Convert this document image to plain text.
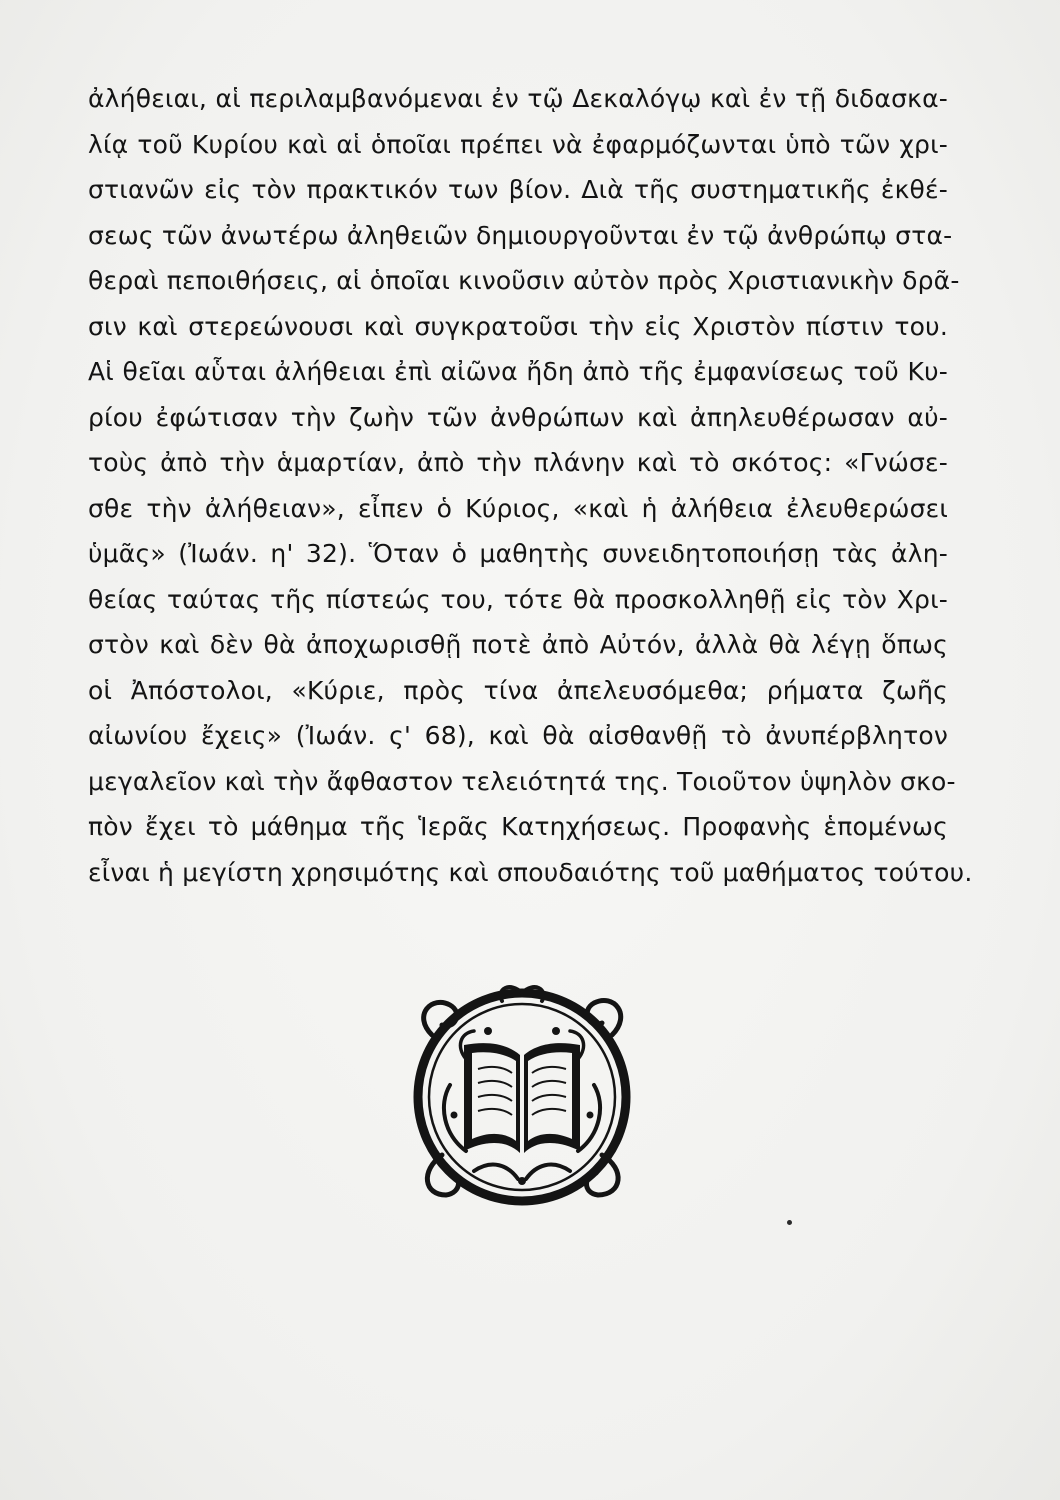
ἀλήθειαι, αἱ περιλαμβανόμεναι ἐν τῷ Δεκαλόγῳ καὶ ἐν τῇ διδασκα-
λίᾳ τοῦ Κυρίου καὶ αἱ ὁποῖαι πρέπει νὰ ἐφαρμόζωνται ὑπὸ τῶν χρι-
στιανῶν εἰς τὸν πρακτικόν των βίον. Διὰ τῆς συστηματικῆς ἐκθέ-
σεως τῶν ἀνωτέρω ἀληθειῶν δημιουργοῦνται ἐν τῷ ἀνθρώπῳ στα-
θεραὶ πεποιθήσεις, αἱ ὁποῖαι κινοῦσιν αὐτὸν πρὸς Χριστιανικὴν δρᾶ-
σιν καὶ στερεώνουσι καὶ συγκρατοῦσι τὴν εἰς Χριστὸν πίστιν του.
Αἱ θεῖαι αὗται ἀλήθειαι ἐπὶ αἰῶνα ἤδη ἀπὸ τῆς ἐμφανίσεως τοῦ Κυ-
ρίου ἐφώτισαν τὴν ζωὴν τῶν ἀνθρώπων καὶ ἀπηλευθέρωσαν αὐ-
τοὺς ἀπὸ τὴν ἁμαρτίαν, ἀπὸ τὴν πλάνην καὶ τὸ σκότος: «Γνώσε-
σθε τὴν ἀλήθειαν», εἶπεν ὁ Κύριος, «καὶ ἡ ἀλήθεια ἐλευθερώσει
ὑμᾶς» (Ἰωάν. η' 32). Ὅταν ὁ μαθητὴς συνειδητοποιήσῃ τὰς ἀλη-
θείας ταύτας τῆς πίστεώς του, τότε θὰ προσκολληθῇ εἰς τὸν Χρι-
στὸν καὶ δὲν θὰ ἀποχωρισθῇ ποτὲ ἀπὸ Αὐτόν, ἀλλὰ θὰ λέγῃ ὅπως
οἱ Ἀπόστολοι, «Κύριε, πρὸς τίνα ἀπελευσόμεθα; ρήματα ζωῆς
αἰωνίου ἔχεις» (Ἰωάν. ς' 68), καὶ θὰ αἰσθανθῇ τὸ ἀνυπέρβλητον
μεγαλεῖον καὶ τὴν ἄφθαστον τελειότητά της. Τοιοῦτον ὑψηλὸν σκο-
πὸν ἔχει τὸ μάθημα τῆς Ἱερᾶς Κατηχήσεως. Προφανὴς ἑπομένως
εἶναι ἡ μεγίστη χρησιμότης καὶ σπουδαιότης τοῦ μαθήματος τούτου.
